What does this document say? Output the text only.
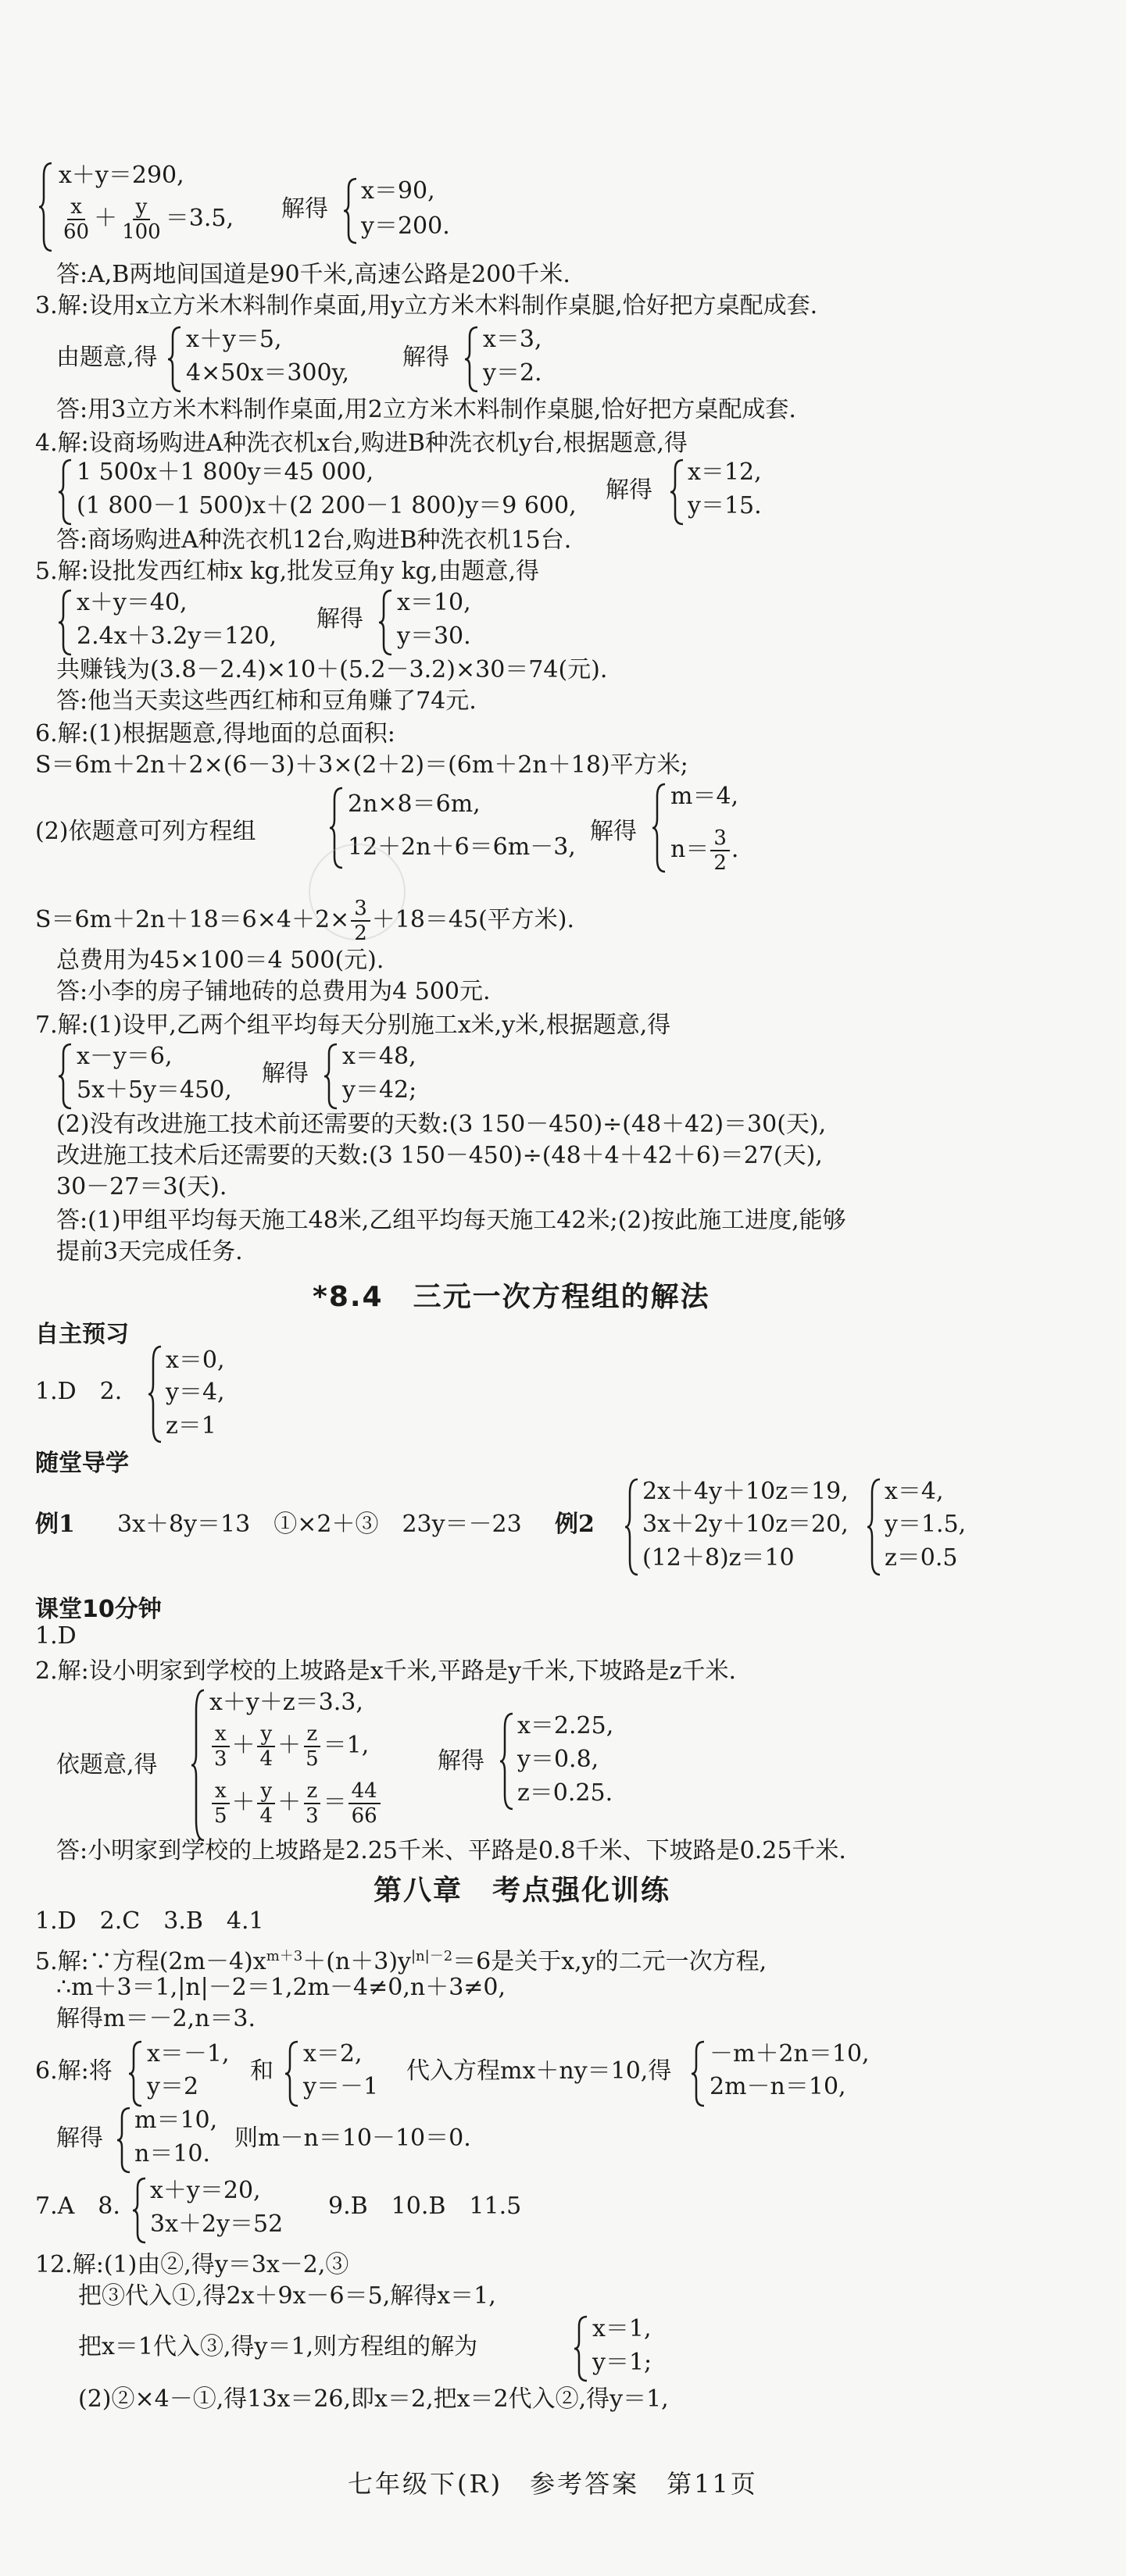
x＋y＝290,
$\frac{x}{60} + \frac{y}{100} =3.5$, 解得
x＝90,
y＝200.
答:A,B两地间国道是90千米,高速公路是200千米.
3.解:设用x立方米木料制作桌面,用y立方米木料制作桌腿,恰好把方桌配成套.
由题意,得
x＋y＝5,
4×50x＝300y,
解得
x＝3,
y＝2.
答:用3立方米木料制作桌面,用2立方米木料制作桌腿,恰好把方桌配成套.
4.解:设商场购进A种洗衣机x台,购进B种洗衣机y台,根据题意,得
1 500x＋1 800y＝45 000,
(1 800－1 500)x＋(2 200－1 800)y＝9 600,
解得
x＝12,
y＝15.
答:商场购进A种洗衣机12台,购进B种洗衣机15台.
5.解:设批发西红柿x kg,批发豆角y kg,由题意,得
x＋y＝40,
2.4x＋3.2y＝120,
解得
x＝10,
y＝30.
共赚钱为(3.8－2.4)×10＋(5.2－3.2)×30＝74(元).
答:他当天卖这些西红柿和豆角赚了74元.
6.解:(1)根据题意,得地面的总面积:
S＝6m＋2n＋2×(6－3)＋3×(2＋2)＝(6m＋2n＋18)平方米;
(2)依题意可列方程组
2n×8＝6m,
12＋2n＋6＝6m－3,
解得
m＝4,
$n= \frac{3}{2}$ .
$S=6m+2n+18=6\times 4+2\times \frac{3}{2} +18=45$(平方米).
总费用为45×100＝4 500(元).
答:小李的房子铺地砖的总费用为4 500元.
7.解:(1)设甲,乙两个组平均每天分别施工x米,y米,根据题意,得
x－y＝6,
5x＋5y＝450,
解得
x＝48,
y＝42;
(2)没有改进施工技术前还需要的天数:(3 150－450)÷(48＋42)＝30(天),
改进施工技术后还需要的天数:(3 150－450)÷(48＋4＋42＋6)＝27(天),
30－27＝3(天).
答:(1)甲组平均每天施工48米,乙组平均每天施工42米;(2)按此施工进度,能够
提前3天完成任务.
*8.4　三元一次方程组的解法
自主预习
1.D　2.
x＝0,
y＝4,
z＝1
随堂导学
例1 3x＋8y＝13　①×2＋③　23y＝－23 例2
2x＋4y＋10z＝19,
3x＋2y＋10z＝20,
(12＋8)z＝10
x＝4,
y＝1.5,
z＝0.5
课堂10分钟
1.D
2.解:设小明家到学校的上坡路是x千米,平路是y千米,下坡路是z千米.
x＋y＋z＝3.3,
依题意,得	$\frac{x}{3} + \frac{y}{4} + \frac{z}{5} =1$,
$\frac{x}{5} + \frac{y}{4} + \frac{z}{3} = \frac{44}{66}$
解得
x＝2.25,
y＝0.8,
z＝0.25.
答:小明家到学校的上坡路是2.25千米、平路是0.8千米、下坡路是0.25千米.
第八章　考点强化训练
1.D　2.C　3.B　4.1
5.解:∵方程$(2m-4)x^{m+3}+(n+3)y^{|n|-2}=6$是关于x,y的二元一次方程,
∴m＋3＝1,|n|－2＝1,2m－4≠0,n＋3≠0,
解得m＝－2,n＝3.
6.解:将
x＝－1,
y＝2
和
x＝2,
y＝－1
代入方程mx＋ny＝10,得
－m＋2n＝10,
2m－n＝10,
解得
m＝10,
n＝10.
则m－n＝10－10＝0.
7.A　8.
x＋y＝20,
3x＋2y＝52
9.B　10.B　11.5
12.解:(1)由②,得y＝3x－2,③
把③代入①,得2x＋9x－6＝5,解得x＝1,
把x＝1代入③,得y＝1,则方程组的解为
x＝1,
y＝1;
(2)②×4－①,得13x＝26,即x＝2,把x＝2代入②,得y＝1,
七年级下(R)　参考答案　第11页
